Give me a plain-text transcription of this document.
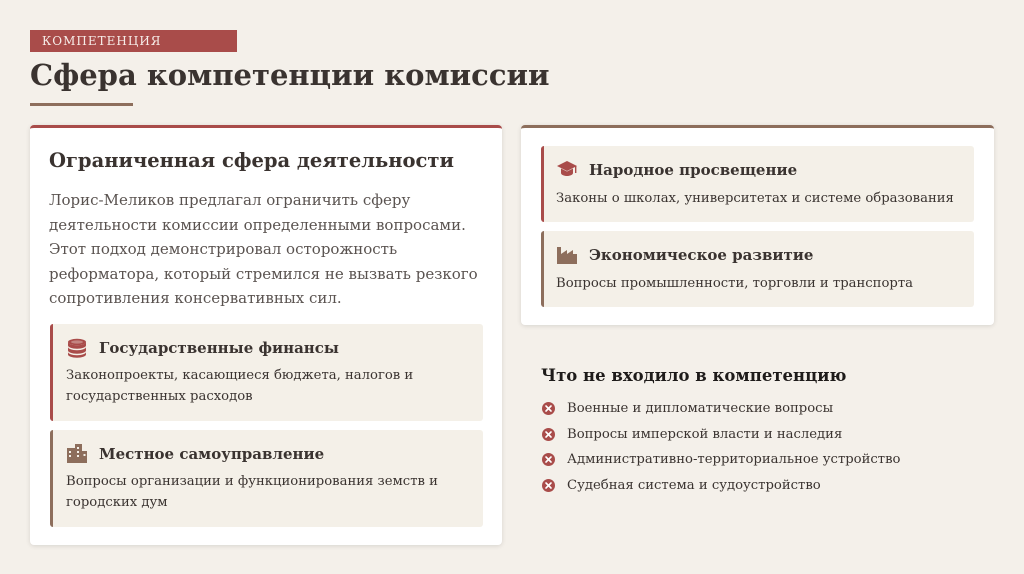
КОМПЕТЕНЦИЯ
Сфера компетенции комиссии
Ограниченная сфера деятельности

Лорис-Меликов предлагал ограничить сферу деятельности комиссии определенными вопросами. Этот подход демонстрировал осторожность реформатора, который стремился не вызвать резкого сопротивления консервативных сил.

Государственные финансы

Законопроекты, касающиеся бюджета, налогов и государственных расходов

Местное самоуправление

Вопросы организации и функционирования земств и городских дум

Народное просвещение

Законы о школах, университетах и системе образования

Экономическое развитие

Вопросы промышленности, торговли и транспорта

Что не входило в компетенцию
Военные и дипломатические вопросы
Вопросы имперской власти и наследия
Административно-территориальное устройство
Судебная система и судоустройство
